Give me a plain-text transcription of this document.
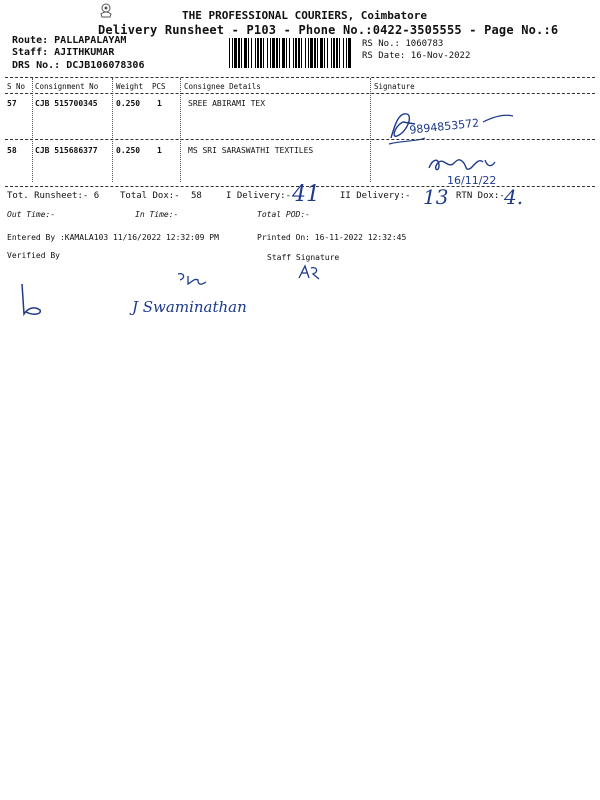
THE PROFESSIONAL COURIERS, Coimbatore
Delivery Runsheet - P103 - Phone No.:0422-3505555 - Page No.:6
Route: PALLAPALAYAM
Staff: AJITHKUMAR
DRS No.: DCJB106078306
RS No.: 1060783
RS Date: 16-Nov-2022
S No Consignment No Weight PCS Consignee Details	Signature
57 CJB 515700345 0.250 1	SREE ABIRAMI TEX
9894853572
58 CJB 515686377 0.250 1	MS SRI SARASWATHI TEXTILES
16/11/22
Tot. Runsheet:- 6 Total Dox:- 58	I Delivery:- 41 II Delivery:- 13 RTN Dox:- 4.
Out Time:-	In Time:-	Total POD:-
Entered By :KAMALA103 11/16/2022 12:32:09 PM	Printed On: 16-11-2022 12:32:45
Verified By	Staff Signature
J Swaminathan
